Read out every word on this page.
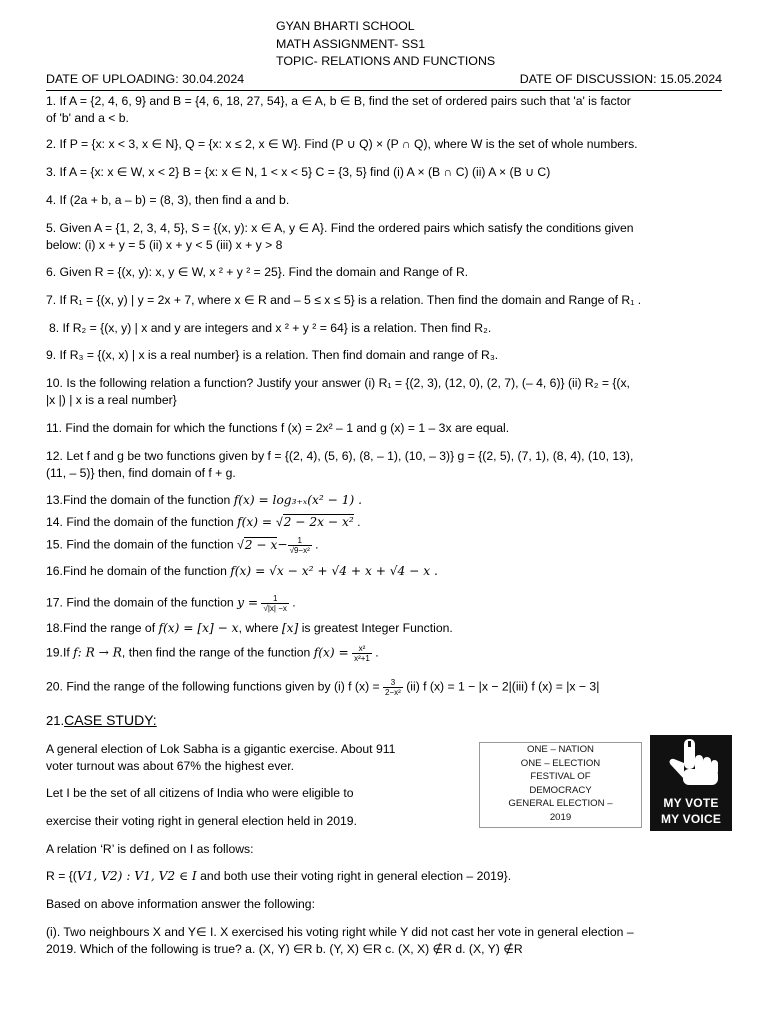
GYAN BHARTI SCHOOL
MATH ASSIGNMENT- SS1
TOPIC- RELATIONS AND FUNCTIONS
DATE OF UPLOADING: 30.04.2024	DATE OF DISCUSSION: 15.05.2024
1. If A = {2, 4, 6, 9} and B = {4, 6, 18, 27, 54}, a ∈ A, b ∈ B, find the set of ordered pairs such that 'a' is factor
of 'b' and a < b.
2. If P = {x: x < 3, x ∈ N}, Q = {x: x ≤ 2, x ∈ W}. Find (P ∪ Q) × (P ∩ Q), where W is the set of whole numbers.
3. If A = {x: x ∈ W, x < 2} B = {x: x ∈ N, 1 < x < 5} C = {3, 5} find (i) A × (B ∩ C) (ii) A × (B ∪ C)
4. If (2a + b, a – b) = (8, 3), then find a and b.
5. Given A = {1, 2, 3, 4, 5}, S = {(x, y): x ∈ A, y ∈ A}. Find the ordered pairs which satisfy the conditions given
below: (i) x + y = 5 (ii) x + y < 5 (iii) x + y > 8
6. Given R = {(x, y): x, y ∈ W, x ² + y ² = 25}. Find the domain and Range of R.
7. If R₁ = {(x, y) | y = 2x + 7, where x ∈ R and – 5 ≤ x ≤ 5} is a relation. Then find the domain and Range of R₁ .
8. If R₂ = {(x, y) | x and y are integers and x ² + y ² = 64} is a relation. Then find R₂.
9. If R₃ = {(x, x) | x is a real number} is a relation. Then find domain and range of R₃.
10. Is the following relation a function? Justify your answer (i) R₁ = {(2, 3), (12, 0), (2, 7), (– 4, 6)} (ii) R₂ = {(x,
|x |) | x is a real number}
11. Find the domain for which the functions f (x) = 2x² – 1 and g (x) = 1 – 3x are equal.
12. Let f and g be two functions given by f = {(2, 4), (5, 6), (8, – 1), (10, – 3)} g = {(2, 5), (7, 1), (8, 4), (10, 13),
(11, – 5)} then, find domain of f + g.
13.Find the domain of the function f(x) = log₃₊ₓ(x² − 1) .
14. Find the domain of the function f(x) = √2 − 2x − x² .
15. Find the domain of the function $√2 - x- \frac{1}{\text{√9−x²}}$ .
16.Find he domain of the function f(x) = √x − x² + √4 + x + √4 − x .
17. Find the domain of the function $y = \frac{1}{√|x| -x}$ .
18.Find the range of f(x) = [x] − x, where [x] is greatest Integer Function.
19.If f: R → R, then find the range of the function $f(x) = \frac{\text{x²}}{\text{x²+1}}$ .
20. Find the range of the following functions given by (i) f $(x) = \frac{3}{\text{2−x²}} (ii)$ f (x) = 1 − |x − 2|(iii) f (x) = |x − 3|
21.CASE STUDY:
A general election of Lok Sabha is a gigantic exercise. About 911
voter turnout was about 67% the highest ever.
Let I be the set of all citizens of India who were eligible to
exercise their voting right in general election held in 2019.
A relation ‘R’ is defined on I as follows:
R = {(V1, V2) : V1, V2 ∈ I and both use their voting right in general election – 2019}.
Based on above information answer the following:
(i). Two neighbours X and Y∈ I. X exercised his voting right while Y did not cast her vote in general election –
2019. Which of the following is true? a. (X, Y) ∈R b. (Y, X) ∈R c. (X, X) ∉R d. (X, Y) ∉R
ONE – NATION
ONE – ELECTION
FESTIVAL OF
DEMOCRACY
GENERAL ELECTION –
2019
MY VOTE
MY VOICE
